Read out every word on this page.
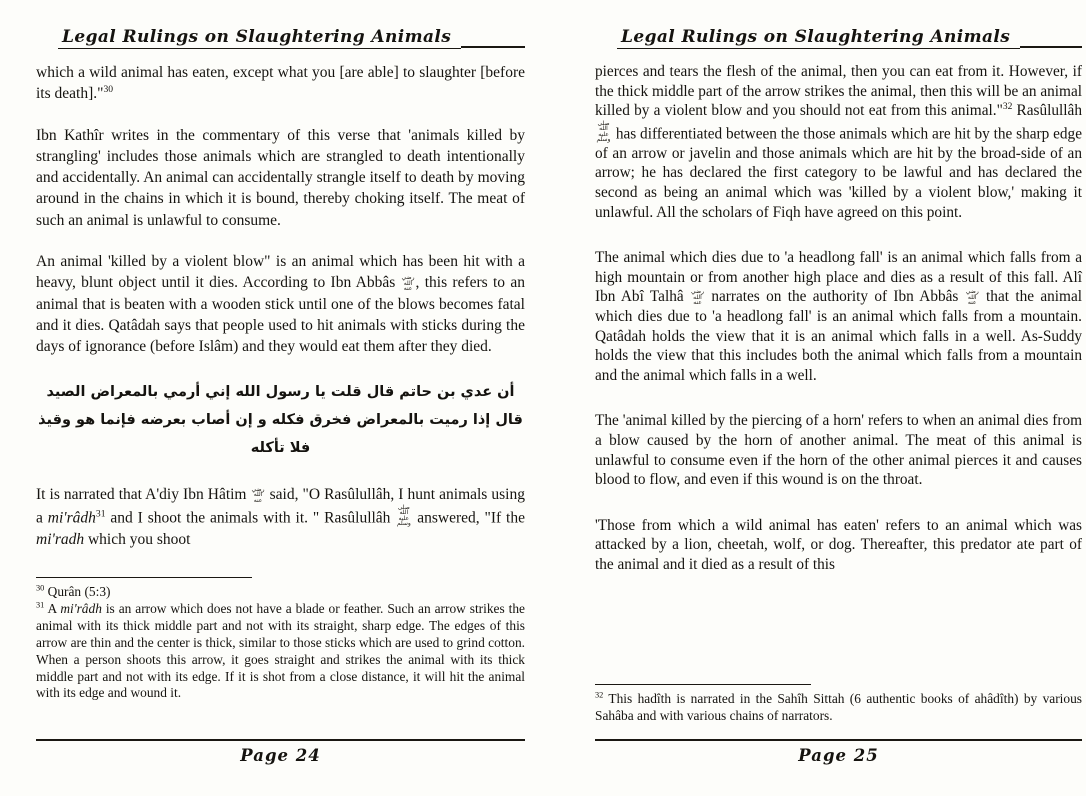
Legal Rulings on Slaughtering Animals

which a wild animal has eaten, except what you [are able] to slaughter [before its death]."$^{30}$

Ibn Kathîr writes in the commentary of this verse that 'animals killed by strangling' includes those animals which are strangled to death intentionally and accidentally. An animal can accidentally strangle itself to death by moving around in the chains in which it is bound, thereby choking itself. The meat of such an animal is unlawful to consume.

An animal 'killed by a violent blow" is an animal which has been hit with a heavy, blunt object until it dies. According to Ibn Abbâs رضي الله عنه , this refers to an animal that is beaten with a wooden stick until one of the blows becomes fatal and it dies. Qatâdah says that people used to hit animals with sticks during the days of ignorance (before Islâm) and they would eat them after they died.

أن عدي بن حاتم قال قلت يا رسول الله إني أرمي بالمعراض الصيد قال إذا رميت بالمعراض فخرق فكله و إن أصاب بعرضه فإنما هو وقيذ فلا تأكله

It is narrated that A'diy Ibn Hâtim رضي الله عنه said, "O Rasûlullâh, I hunt animals using a mi'râdh$^{31}$ and I shoot the animals with it. " Rasûlullâh صلى الله عليه وسلم answered, "If the mi'radh which you shoot

$^{30}$ Qurân (5:3)

$^{31}$ A mi'râdh is an arrow which does not have a blade or feather. Such an arrow strikes the animal with its thick middle part and not with its straight, sharp edge. The edges of this arrow are thin and the center is thick, similar to those sticks which are used to grind cotton. When a person shoots this arrow, it goes straight and strikes the animal with its thick middle part and not with its edge. If it is shot from a close distance, it will hit the animal with its edge and wound it.

Page 24
Legal Rulings on Slaughtering Animals

pierces and tears the flesh of the animal, then you can eat from it. However, if the thick middle part of the arrow strikes the animal, then this will be an animal killed by a violent blow and you should not eat from this animal."$^{32}$ Rasûlullâh صلى الله عليه وسلم has differentiated between the those animals which are hit by the sharp edge of an arrow or javelin and those animals which are hit by the broad-side of an arrow; he has declared the first category to be lawful and has declared the second as being an animal which was 'killed by a violent blow,' making it unlawful. All the scholars of Fiqh have agreed on this point.

The animal which dies due to 'a headlong fall' is an animal which falls from a high mountain or from another high place and dies as a result of this fall. Alî Ibn Abî Talhâ رضي الله عنه narrates on the authority of Ibn Abbâs رضي الله عنه that the animal which dies due to 'a headlong fall' is an animal which falls from a mountain. Qatâdah holds the view that it is an animal which falls in a well. As-Suddy holds the view that this includes both the animal which falls from a mountain and the animal which falls in a well.

The 'animal killed by the piercing of a horn' refers to when an animal dies from a blow caused by the horn of another animal. The meat of this animal is unlawful to consume even if the horn of the other animal pierces it and causes blood to flow, and even if this wound is on the throat.

'Those from which a wild animal has eaten' refers to an animal which was attacked by a lion, cheetah, wolf, or dog. Thereafter, this predator ate part of the animal and it died as a result of this

$^{32}$ This hadîth is narrated in the Sahîh Sittah (6 authentic books of ahâdîth) by various Sahâba and with various chains of narrators.

Page 25
